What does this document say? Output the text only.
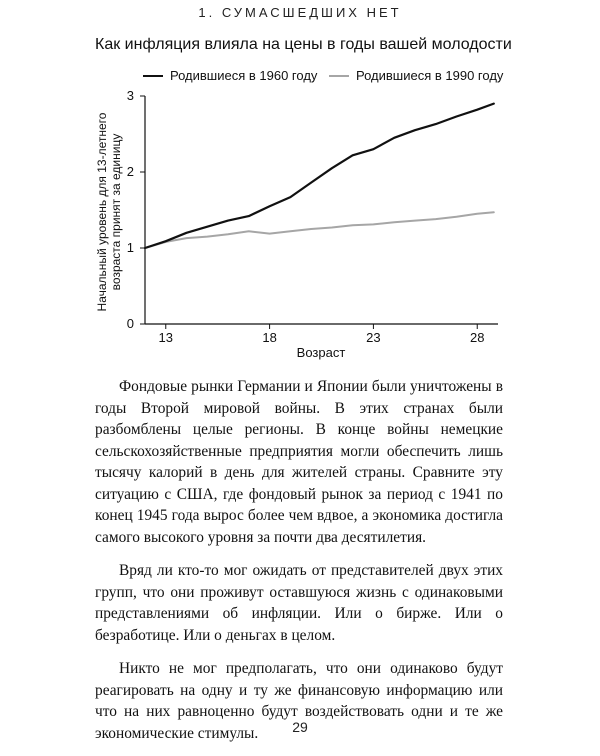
1. СУМАСШЕДШИХ НЕТ
Как инфляция влияла на цены в годы вашей молодости
Родившиеся в 1960 году	Родившиеся в 1990 году
Начальный уровень для 13-летнего возраста принят за единицу
Возраст
0
1
2
3
13	18	23	28

Фондовые рынки Германии и Японии были уничтожены в годы Второй мировой войны. В этих странах были разбомблены целые регионы. В конце войны немецкие сельскохозяйственные предприятия могли обеспечить лишь тысячу калорий в день для жителей страны. Сравните эту ситуацию с США, где фондовый рынок за период с 1941 по конец 1945 года вырос более чем вдвое, а экономика достигла самого высокого уровня за почти два десятилетия.

Вряд ли кто-то мог ожидать от представителей двух этих групп, что они проживут оставшуюся жизнь с одинаковыми представлениями об инфляции. Или о бирже. Или о безработице. Или о деньгах в целом.

Никто не мог предполагать, что они одинаково будут реагировать на одну и ту же финансовую информацию или что на них равноценно будут воздействовать одни и те же экономические стимулы.	29
